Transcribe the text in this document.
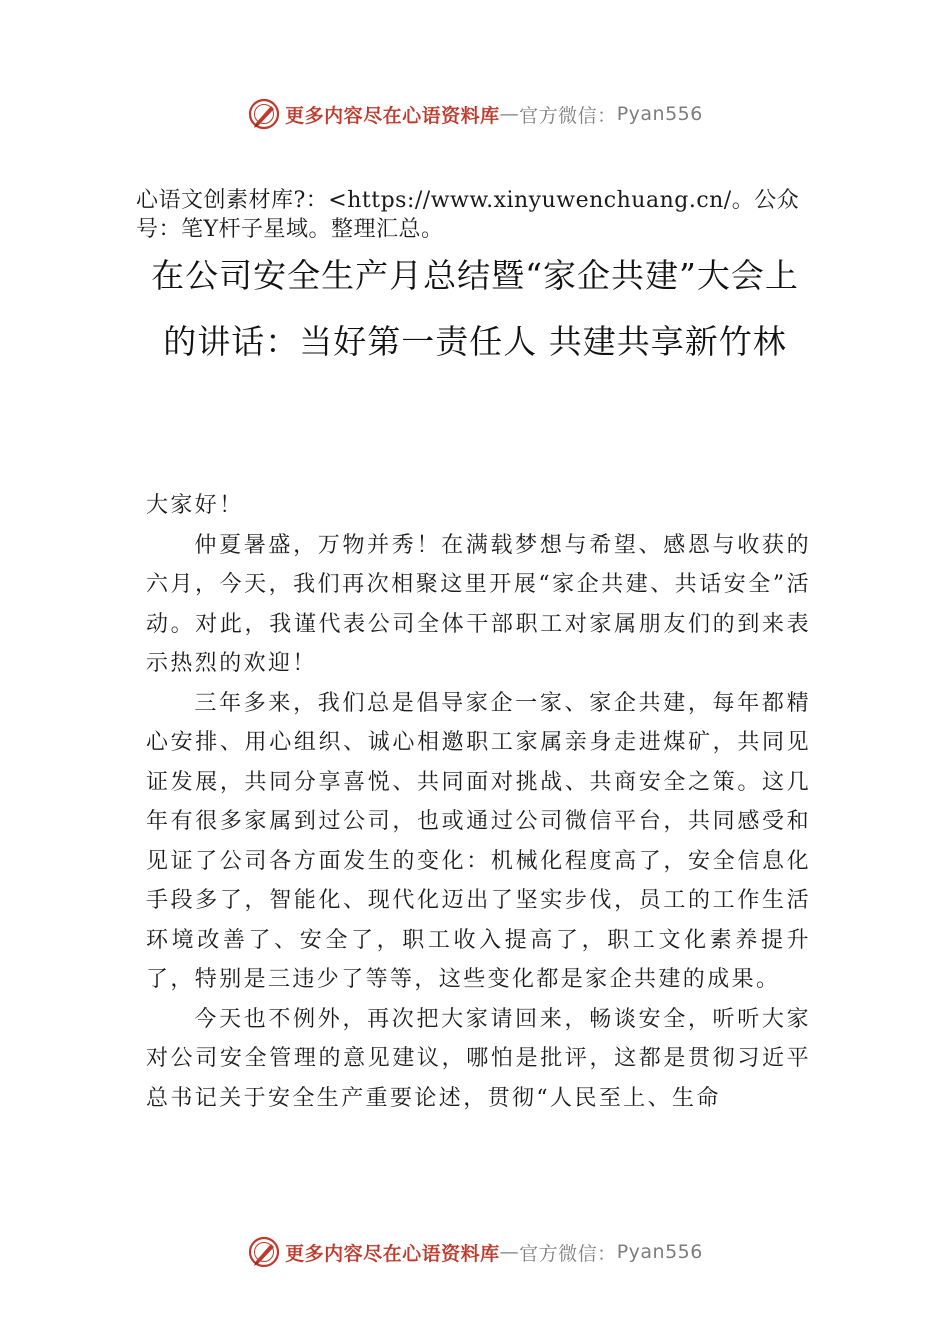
更多内容尽在心语资料库 — 官方微信： Pyan556
心语文创素材库?：<https://www.xinyuwenchuang.cn/。公众号：笔Y杆子星域。整理汇总。
在公司安全生产月总结暨“家企共建”大会上的讲话：当好第一责任人 共建共享新竹林

大家好！

仲夏暑盛，万物并秀！在满载梦想与希望、感恩与收获的六月，今天，我们再次相聚这里开展“家企共建、共话安全”活动。对此，我谨代表公司全体干部职工对家属朋友们的到来表示热烈的欢迎！

三年多来，我们总是倡导家企一家、家企共建，每年都精心安排、用心组织、诚心相邀职工家属亲身走进煤矿，共同见证发展，共同分享喜悦、共同面对挑战、共商安全之策。这几年有很多家属到过公司，也或通过公司微信平台，共同感受和见证了公司各方面发生的变化：机械化程度高了，安全信息化手段多了，智能化、现代化迈出了坚实步伐，员工的工作生活环境改善了、安全了，职工收入提高了，职工文化素养提升了，特别是三违少了等等，这些变化都是家企共建的成果。

今天也不例外，再次把大家请回来，畅谈安全，听听大家对公司安全管理的意见建议，哪怕是批评，这都是贯彻习近平总书记关于安全生产重要论述，贯彻“人民至上、生命

更多内容尽在心语资料库 — 官方微信： Pyan556
